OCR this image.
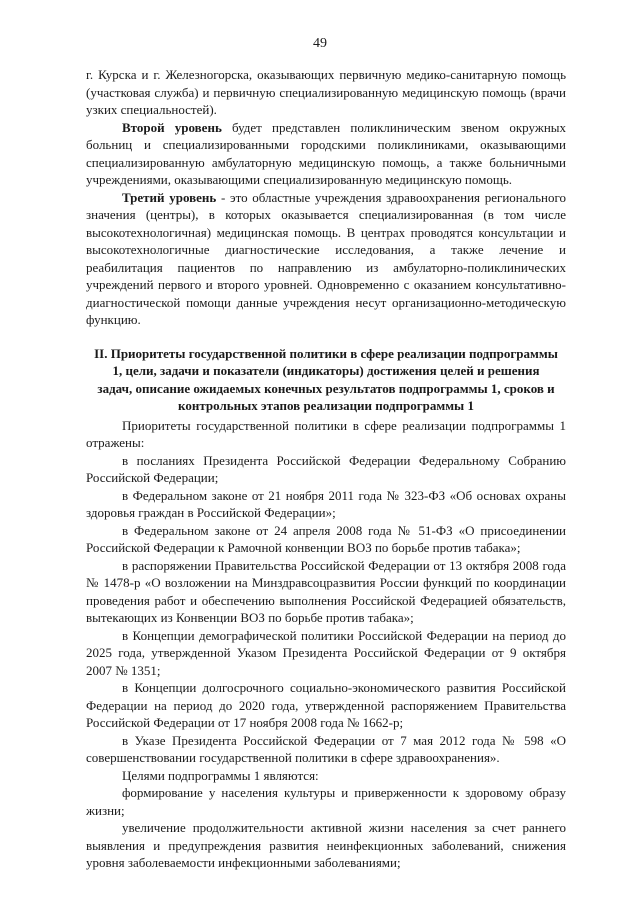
49

г. Курска и г. Железногорска, оказывающих первичную медико-санитарную помощь (участковая служба) и первичную специализированную медицинскую помощь (врачи узких специальностей).

Второй уровень будет представлен поликлиническим звеном окружных больниц и специализированными городскими поликлиниками, оказывающими специализированную амбулаторную медицинскую помощь, а также больничными учреждениями, оказывающими специализированную медицинскую помощь.

Третий уровень - это областные учреждения здравоохранения регионального значения (центры), в которых оказывается специализированная (в том числе высокотехнологичная) медицинская помощь. В центрах проводятся консультации и высокотехнологичные диагностические исследования, а также лечение и реабилитация пациентов по направлению из амбулаторно-поликлинических учреждений первого и второго уровней. Одновременно с оказанием консультативно-диагностической помощи данные учреждения несут организационно-методическую функцию.

II. Приоритеты государственной политики в сфере реализации подпрограммы 1, цели, задачи и показатели (индикаторы) достижения целей и решения задач, описание ожидаемых конечных результатов подпрограммы 1, сроков и контрольных этапов реализации подпрограммы 1

Приоритеты государственной политики в сфере реализации подпрограммы 1 отражены:

в посланиях Президента Российской Федерации Федеральному Собранию Российской Федерации;

в Федеральном законе от 21 ноября 2011 года № 323-ФЗ «Об основах охраны здоровья граждан в Российской Федерации»;

в Федеральном законе от 24 апреля 2008 года № 51-ФЗ «О присоединении Российской Федерации к Рамочной конвенции ВОЗ по борьбе против табака»;

в распоряжении Правительства Российской Федерации от 13 октября 2008 года № 1478-р «О возложении на Минздравсоцразвития России функций по координации проведения работ и обеспечению выполнения Российской Федерацией обязательств, вытекающих из Конвенции ВОЗ по борьбе против табака»;

в Концепции демографической политики Российской Федерации на период до 2025 года, утвержденной Указом Президента Российской Федерации от 9 октября 2007 № 1351;

в Концепции долгосрочного социально-экономического развития Российской Федерации на период до 2020 года, утвержденной распоряжением Правительства Российской Федерации от 17 ноября 2008 года № 1662-р;

в Указе Президента Российской Федерации от 7 мая 2012 года № 598 «О совершенствовании государственной политики в сфере здравоохранения».

Целями подпрограммы 1 являются:

формирование у населения культуры и приверженности к здоровому образу жизни;

увеличение продолжительности активной жизни населения за счет раннего выявления и предупреждения развития неинфекционных заболеваний, снижения уровня заболеваемости инфекционными заболеваниями;
